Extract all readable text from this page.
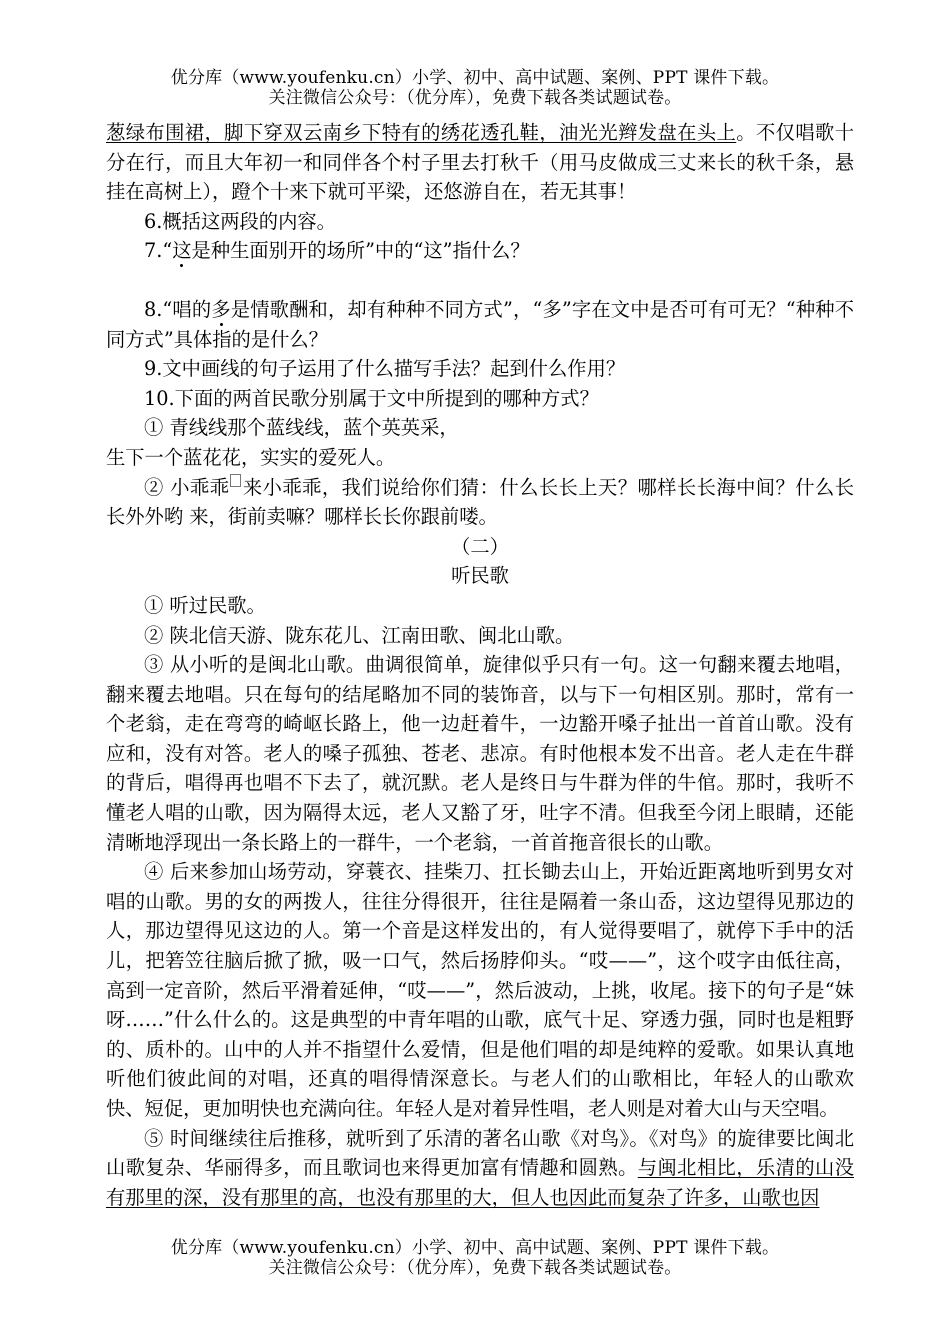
优分库（www.youfenku.cn）小学、初中、高中试题、案例、PPT 课件下载。
关注微信公众号：（优分库），免费下载各类试题试卷。

葱绿布围裙，脚下穿双云南乡下特有的绣花透孔鞋，油光光辫发盘在头上。不仅唱歌十分在行，而且大年初一和同伴各个村子里去打秋千（用马皮做成三丈来长的秋千条，悬挂在高树上），蹬个十来下就可平梁，还悠游自在，若无其事！

6.概括这两段的内容。

7.“这是种生面别开的场所”中的“这”指什么？

8.“唱的多是情歌酬和，却有种种不同方式”，“多”字在文中是否可有可无？“种种不同方式”具体指的是什么？

9.文中画线的句子运用了什么描写手法？起到什么作用？

10.下面的两首民歌分别属于文中所提到的哪种方式？

① 青线线那个蓝线线，蓝个英英采，

生下一个蓝花花，实实的爱死人。

② 小乖乖 来小乖乖，我们说给你们猜：什么长长上天？哪样长长海中间？什么长长外外哟 来，街前卖嘛？哪样长长你跟前喽。

（二）

听民歌

① 听过民歌。

② 陕北信天游、陇东花儿、江南田歌、闽北山歌。

③ 从小听的是闽北山歌。曲调很简单，旋律似乎只有一句。这一句翻来覆去地唱，翻来覆去地唱。只在每句的结尾略加不同的装饰音，以与下一句相区别。那时，常有一个老翁，走在弯弯的崎岖长路上，他一边赶着牛，一边豁开嗓子扯出一首首山歌。没有应和，没有对答。老人的嗓子孤独、苍老、悲凉。有时他根本发不出音。老人走在牛群的背后，唱得再也唱不下去了，就沉默。老人是终日与牛群为伴的牛倌。那时，我听不懂老人唱的山歌，因为隔得太远，老人又豁了牙，吐字不清。但我至今闭上眼睛，还能清晰地浮现出一条长路上的一群牛，一个老翁，一首首拖音很长的山歌。

④ 后来参加山场劳动，穿蓑衣、挂柴刀、扛长锄去山上，开始近距离地听到男女对唱的山歌。男的女的两拨人，往往分得很开，往往是隔着一条山岙，这边望得见那边的人，那边望得见这边的人。第一个音是这样发出的，有人觉得要唱了，就停下手中的活儿，把箬笠往脑后掀了掀，吸一口气，然后扬脖仰头。“哎——”，这个哎字由低往高，高到一定音阶，然后平滑着延伸，“哎——”，然后波动，上挑，收尾。接下的句子是“妹呀……”什么什么的。这是典型的中青年唱的山歌，底气十足、穿透力强，同时也是粗野的、质朴的。山中的人并不指望什么爱情，但是他们唱的却是纯粹的爱歌。如果认真地听他们彼此间的对唱，还真的唱得情深意长。与老人们的山歌相比，年轻人的山歌欢快、短促，更加明快也充满向往。年轻人是对着异性唱，老人则是对着大山与天空唱。

⑤ 时间继续往后推移，就听到了乐清的著名山歌《对鸟》。《对鸟》的旋律要比闽北山歌复杂、华丽得多，而且歌词也来得更加富有情趣和圆熟。与闽北相比，乐清的山没有那里的深，没有那里的高，也没有那里的大，但人也因此而复杂了许多，山歌也因

优分库（www.youfenku.cn）小学、初中、高中试题、案例、PPT 课件下载。
关注微信公众号：（优分库），免费下载各类试题试卷。
